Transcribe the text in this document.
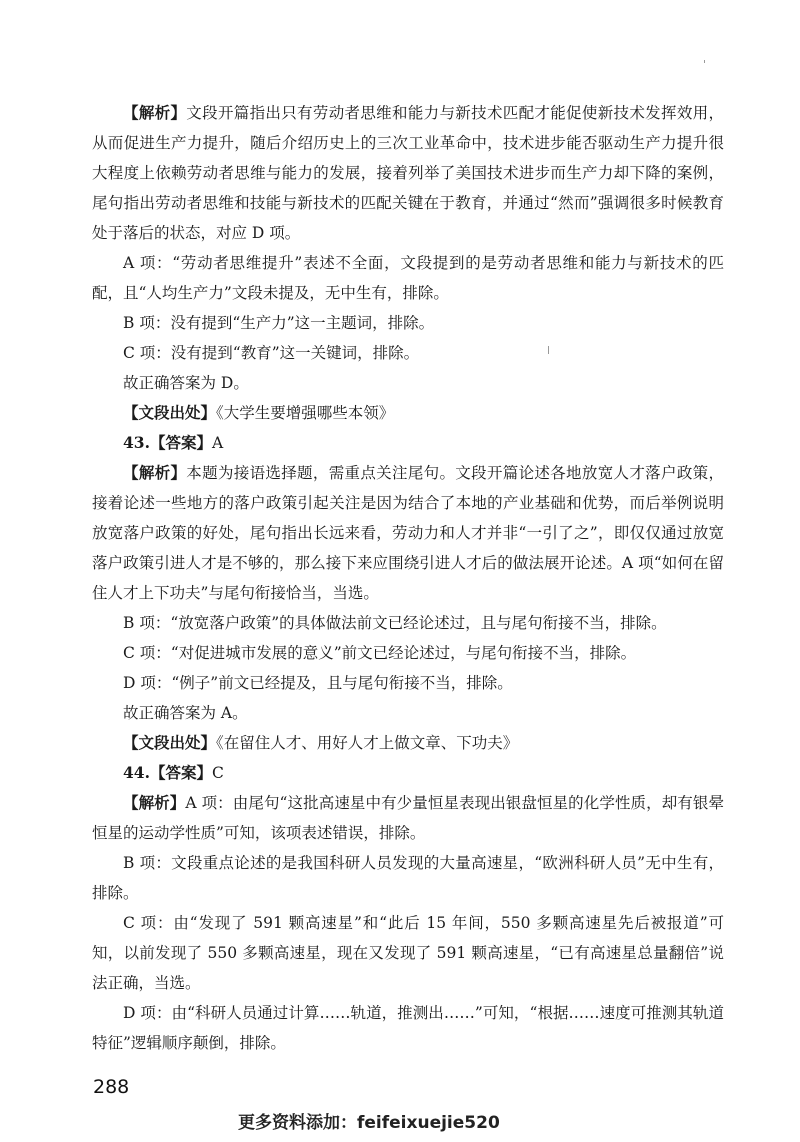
【解析】文段开篇指出只有劳动者思维和能力与新技术匹配才能促使新技术发挥效用，从而促进生产力提升，随后介绍历史上的三次工业革命中，技术进步能否驱动生产力提升很大程度上依赖劳动者思维与能力的发展，接着列举了美国技术进步而生产力却下降的案例，尾句指出劳动者思维和技能与新技术的匹配关键在于教育，并通过“然而”强调很多时候教育处于落后的状态，对应 D 项。

A 项：“劳动者思维提升”表述不全面，文段提到的是劳动者思维和能力与新技术的匹配，且“人均生产力”文段未提及，无中生有，排除。

B 项：没有提到“生产力”这一主题词，排除。

C 项：没有提到“教育”这一关键词，排除。

故正确答案为 D。

【文段出处】《大学生要增强哪些本领》

43.【答案】A

【解析】本题为接语选择题，需重点关注尾句。文段开篇论述各地放宽人才落户政策，接着论述一些地方的落户政策引起关注是因为结合了本地的产业基础和优势，而后举例说明放宽落户政策的好处，尾句指出长远来看，劳动力和人才并非“一引了之”，即仅仅通过放宽落户政策引进人才是不够的，那么接下来应围绕引进人才后的做法展开论述。A 项“如何在留住人才上下功夫”与尾句衔接恰当，当选。

B 项：“放宽落户政策”的具体做法前文已经论述过，且与尾句衔接不当，排除。

C 项：“对促进城市发展的意义”前文已经论述过，与尾句衔接不当，排除。

D 项：“例子”前文已经提及，且与尾句衔接不当，排除。

故正确答案为 A。

【文段出处】《在留住人才、用好人才上做文章、下功夫》

44.【答案】C

【解析】A 项：由尾句“这批高速星中有少量恒星表现出银盘恒星的化学性质，却有银晕恒星的运动学性质”可知，该项表述错误，排除。

B 项：文段重点论述的是我国科研人员发现的大量高速星，“欧洲科研人员”无中生有，排除。

C 项：由“发现了 591 颗高速星”和“此后 15 年间，550 多颗高速星先后被报道”可知，以前发现了 550 多颗高速星，现在又发现了 591 颗高速星，“已有高速星总量翻倍”说法正确，当选。

D 项：由“科研人员通过计算……轨道，推测出……”可知，“根据……速度可推测其轨道特征”逻辑顺序颠倒，排除。

288
更多资料添加：feifeixuejie520
